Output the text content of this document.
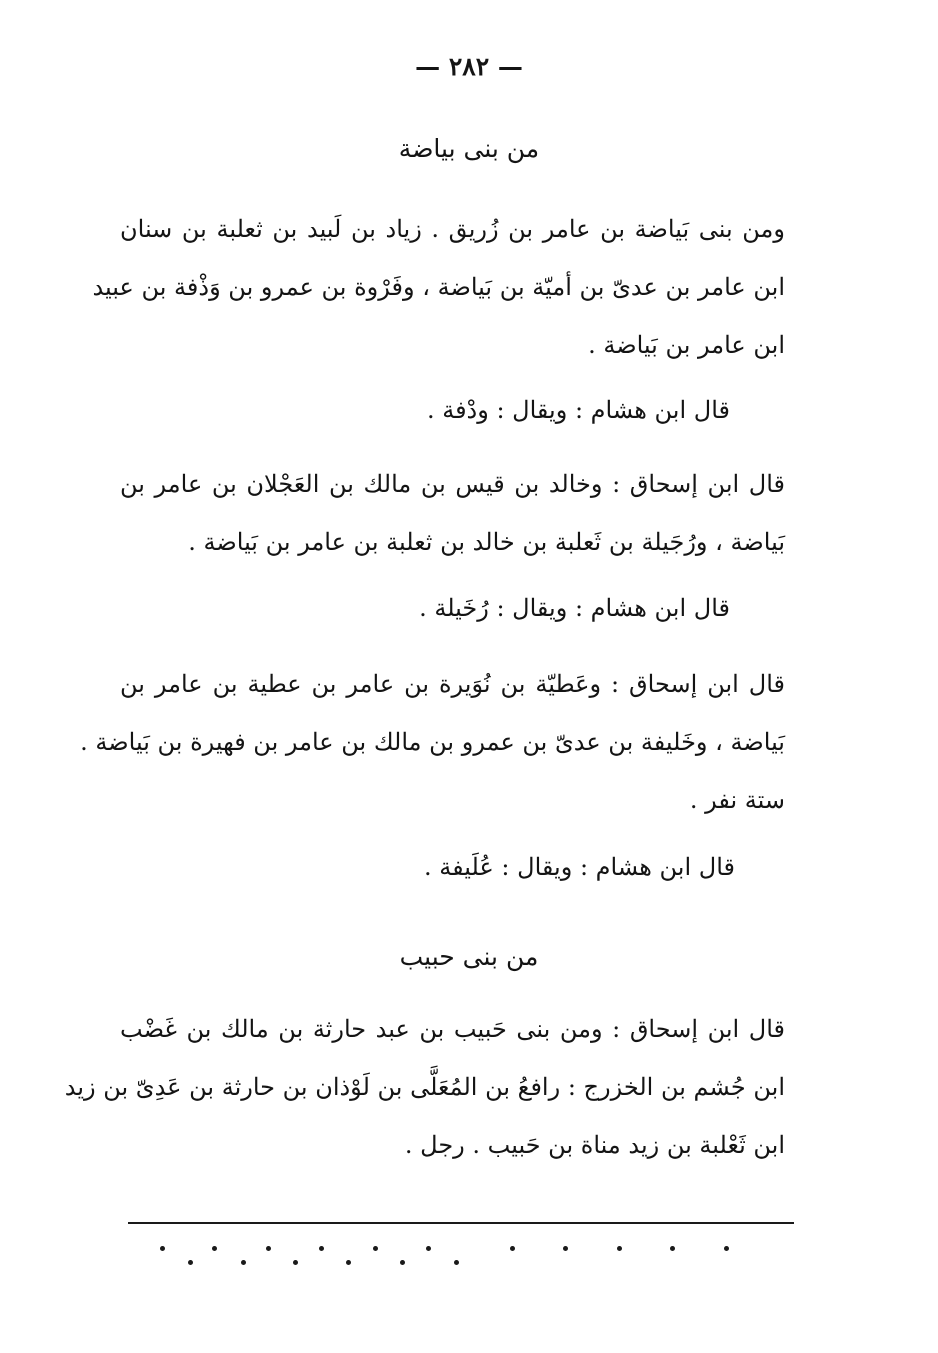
— ٢٨٢ —
من بنى بياضة
ومن بنى بَياضة بن عامر بن زُريق . زياد بن لَبيد بن ثعلبة بن سنان
ابن عامر بن عدىّ بن أميّة بن بَياضة ، وفَرْوة بن عمرو بن وَذْفة بن عبيد
ابن عامر بن بَياضة .
قال ابن هشام : ويقال : ودْفة .
قال ابن إسحاق : وخالد بن قيس بن مالك بن العَجْلان بن عامر بن
بَياضة ، ورُجَيلة بن ثَعلبة بن خالد بن ثعلبة بن عامر بن بَياضة .
قال ابن هشام : ويقال : رُخَيلة .
قال ابن إسحاق : وعَطيّة بن نُوَيرة بن عامر بن عطية بن عامر بن
بَياضة ، وخَليفة بن عدىّ بن عمرو بن مالك بن عامر بن فهيرة بن بَياضة .
ستة نفر .
قال ابن هشام : ويقال : عُلَيفة .
من بنى حبيب
قال ابن إسحاق : ومن بنى حَبيب بن عبد حارثة بن مالك بن غَضْب
ابن جُشم بن الخزرج : رافعُ بن المُعَلَّى بن لَوْذان بن حارثة بن عَدِىّ بن زيد
ابن ثَعْلبة بن زيد مناة بن حَبيب . رجل .
